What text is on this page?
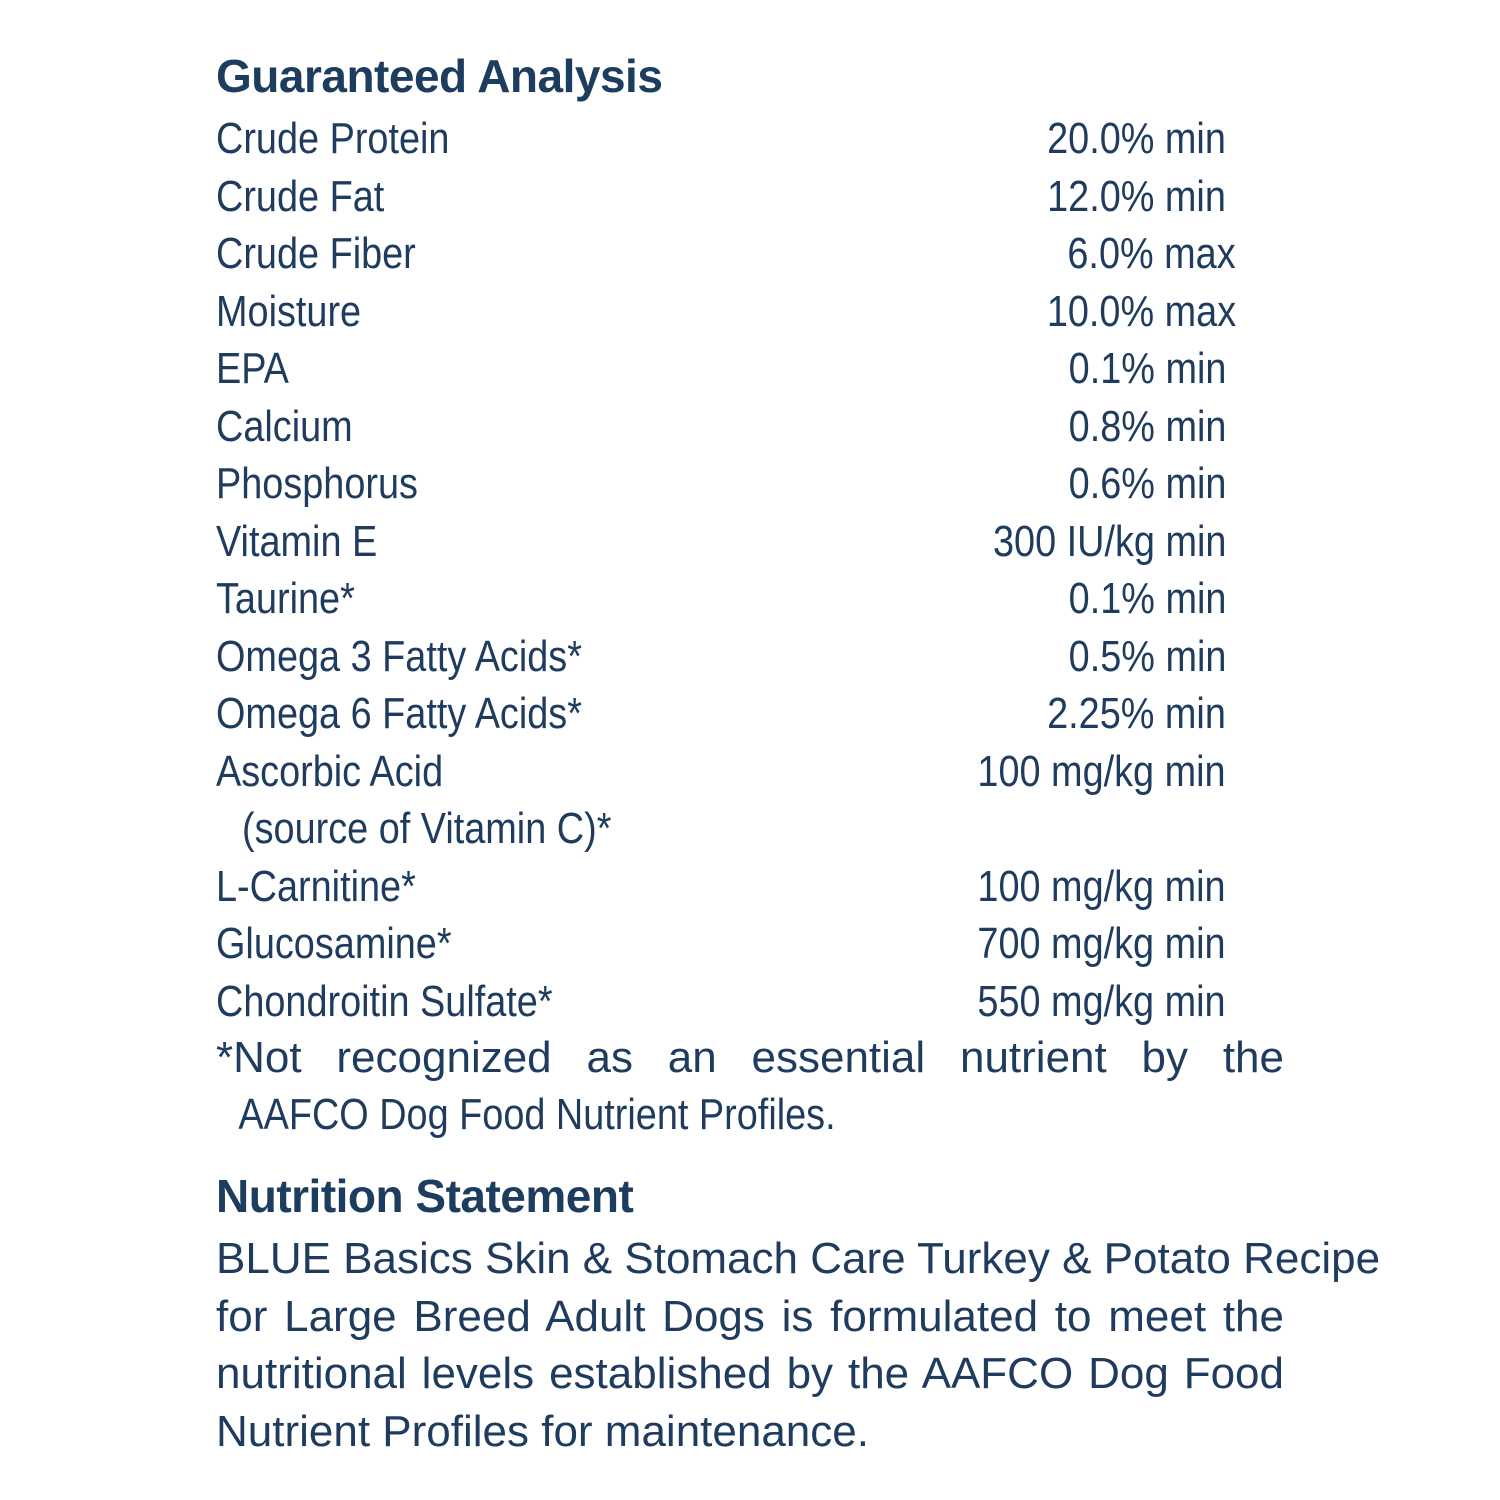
Guaranteed Analysis
Crude Protein	20.0% min
Crude Fat	12.0% min
Crude Fiber	6.0% max
Moisture	10.0% max
EPA	0.1% min
Calcium	0.8% min
Phosphorus	0.6% min
Vitamin E	300 IU/kg min
Taurine*	0.1% min
Omega 3 Fatty Acids*	0.5% min
Omega 6 Fatty Acids*	2.25% min
Ascorbic Acid	100 mg/kg min
(source of Vitamin C)*
L-Carnitine*	100 mg/kg min
Glucosamine*	700 mg/kg min
Chondroitin Sulfate*	550 mg/kg min
*Not recognized as an essential nutrient by the
AAFCO Dog Food Nutrient Profiles.
Nutrition Statement
BLUE Basics Skin & Stomach Care Turkey & Potato Recipe
for Large Breed Adult Dogs is formulated to meet the
nutritional levels established by the AAFCO Dog Food
Nutrient Profiles for maintenance.
